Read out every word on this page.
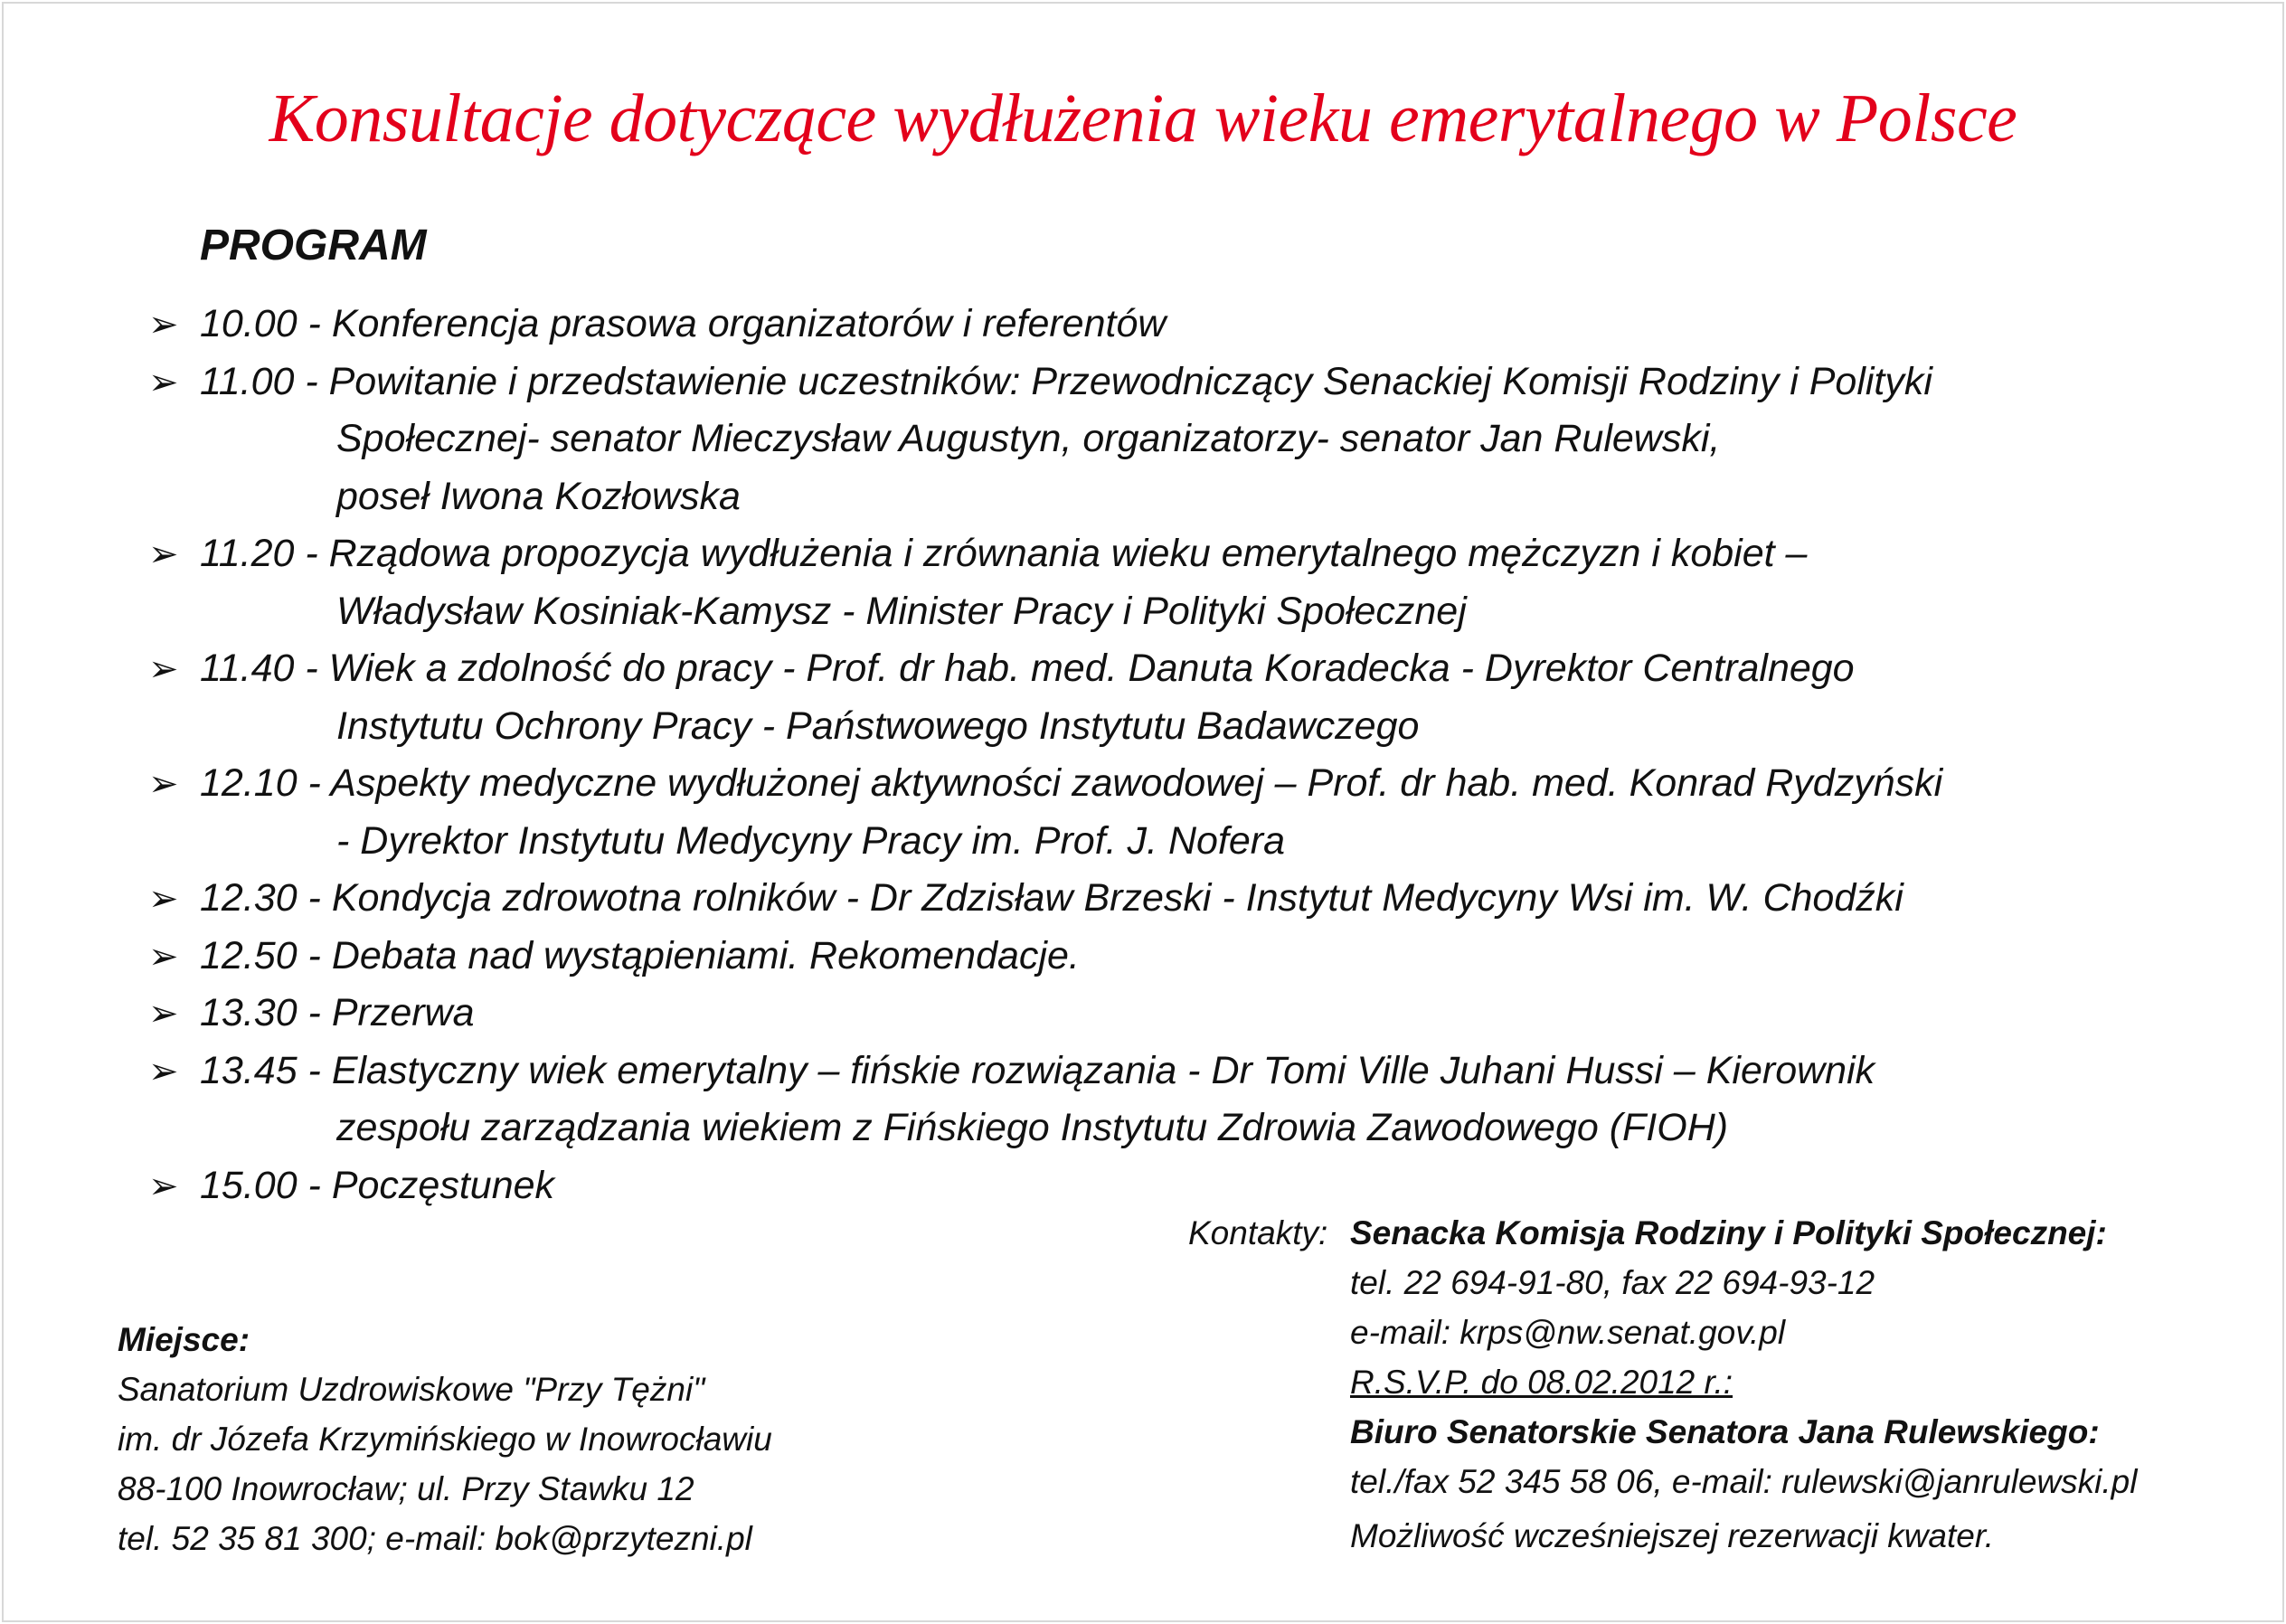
Konsultacje dotyczące wydłużenia wieku emerytalnego w Polsce
PROGRAM
➢ 10.00 - Konferencja prasowa organizatorów i referentów
➢ 11.00 - Powitanie i przedstawienie uczestników: Przewodniczący Senackiej Komisji Rodziny i Polityki
Społecznej- senator Mieczysław Augustyn, organizatorzy- senator Jan Rulewski,
poseł Iwona Kozłowska
➢ 11.20 - Rządowa propozycja wydłużenia i zrównania wieku emerytalnego mężczyzn i kobiet –
Władysław Kosiniak-Kamysz - Minister Pracy i Polityki Społecznej
➢ 11.40 - Wiek a zdolność do pracy - Prof. dr hab. med. Danuta Koradecka - Dyrektor Centralnego
Instytutu Ochrony Pracy - Państwowego Instytutu Badawczego
➢ 12.10 - Aspekty medyczne wydłużonej aktywności zawodowej – Prof. dr hab. med. Konrad Rydzyński
- Dyrektor Instytutu Medycyny Pracy im. Prof. J. Nofera
➢ 12.30 - Kondycja zdrowotna rolników - Dr Zdzisław Brzeski - Instytut Medycyny Wsi im. W. Chodźki
➢ 12.50 - Debata nad wystąpieniami. Rekomendacje.
➢ 13.30 - Przerwa
➢ 13.45 - Elastyczny wiek emerytalny – fińskie rozwiązania - Dr Tomi Ville Juhani Hussi – Kierownik
zespołu zarządzania wiekiem z Fińskiego Instytutu Zdrowia Zawodowego (FIOH)
➢ 15.00 - Poczęstunek
Miejsce:
Sanatorium Uzdrowiskowe "Przy Tężni"
im. dr Józefa Krzymińskiego w Inowrocławiu
88-100 Inowrocław; ul. Przy Stawku 12
tel. 52 35 81 300; e-mail: bok@przytezni.pl
Kontakty: Senacka Komisja Rodziny i Polityki Społecznej:
tel. 22 694-91-80, fax 22 694-93-12
e-mail: krps@nw.senat.gov.pl
R.S.V.P. do 08.02.2012 r.:
Biuro Senatorskie Senatora Jana Rulewskiego:
tel./fax 52 345 58 06, e-mail: rulewski@janrulewski.pl
Możliwość wcześniejszej rezerwacji kwater.
